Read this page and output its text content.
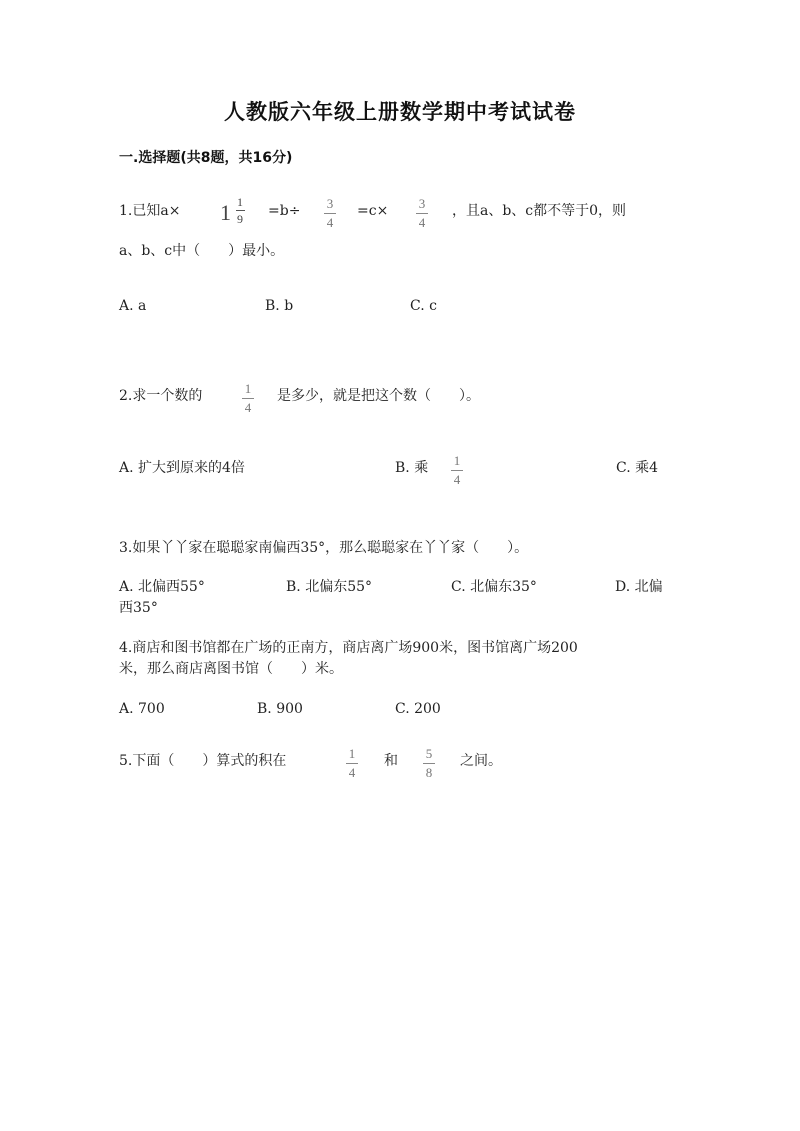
人教版六年级上册数学期中考试试卷
一.选择题(共8题，共16分)
1.已知a× 1 1
9 =b÷	3
4
=c×	3
4
，且a、b、c都不等于0，则
a、b、c中（　　）最小。
A. a	B. b	C. c
2.求一个数的	1
4
是多少，就是把这个数（　　）。
A. 扩大到原来的4倍	B. 乘	1
4
C. 乘4
3.如果丫丫家在聪聪家南偏西35°，那么聪聪家在丫丫家（　　）。
A. 北偏西55°	B. 北偏东55°	C. 北偏东35°	D. 北偏
西35°
4.商店和图书馆都在广场的正南方，商店离广场900米，图书馆离广场200
米，那么商店离图书馆（　　）米。
A. 700	B. 900	C. 200
5.下面（　　）算式的积在	1
4
和	5
8
之间。
